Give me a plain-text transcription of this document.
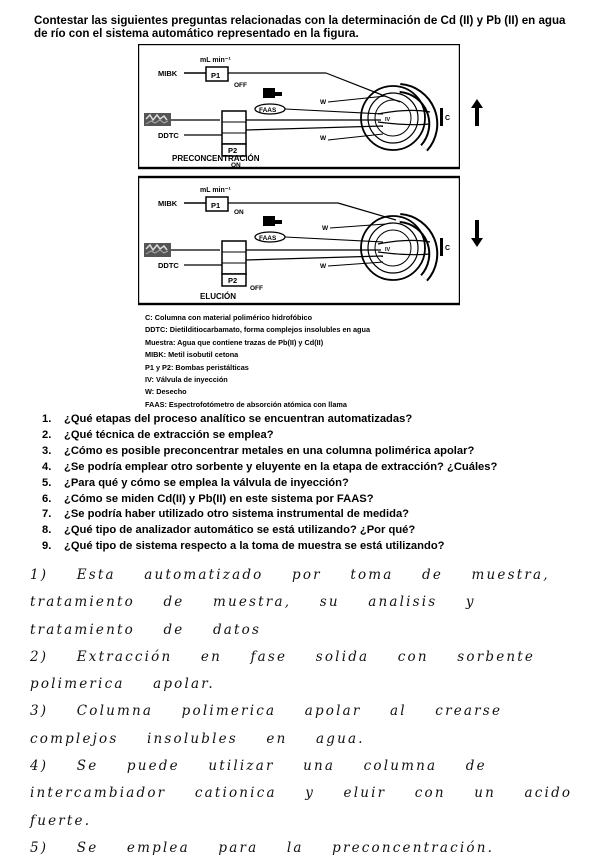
Contestar las siguientes preguntas relacionadas con la determinación de Cd (II) y Pb (II) en agua de río con el sistema automático representado en la figura.
mL min⁻¹
MIBK	P1
OFF
FAAS
W
DDTC
P2
ON
W
IV	C
PRECONCENTRACIÓN
mL min⁻¹
MIBK	P1
ON
FAAS
W
DDTC
P2
OFF
W
IV	C
ELUCIÓN
C: Columna con material polimérico hidrofóbico
DDTC: Dietilditiocarbamato, forma complejos insolubles en agua
Muestra: Agua que contiene trazas de Pb(II) y Cd(II)
MIBK: Metil isobutil cetona
P1 y P2: Bombas peristálticas
IV: Válvula de inyección
W: Desecho
FAAS: Espectrofotómetro de absorción atómica con llama
1. ¿Qué etapas del proceso analítico se encuentran automatizadas?
2. ¿Qué técnica de extracción se emplea?
3. ¿Cómo es posible preconcentrar metales en una columna polimérica apolar?
4. ¿Se podría emplear otro sorbente y eluyente en la etapa de extracción? ¿Cuáles?
5. ¿Para qué y cómo se emplea la válvula de inyección?
6. ¿Cómo se miden Cd(II) y Pb(II) en este sistema por FAAS?
7. ¿Se podría haber utilizado otro sistema instrumental de medida?
8. ¿Qué tipo de analizador automático se está utilizando? ¿Por qué?
9. ¿Qué tipo de sistema respecto a la toma de muestra se está utilizando?

1) Esta automatizado por toma de muestra, tratamiento de muestra, su analisis y tratamiento de datos

2) Extracción en fase solida con sorbente polimerica apolar.

3) Columna polimerica apolar al crearse complejos insolubles en agua.

4) Se puede utilizar una columna de intercambiador cationica y eluir con un acido fuerte.

5) Se emplea para la preconcentración.
